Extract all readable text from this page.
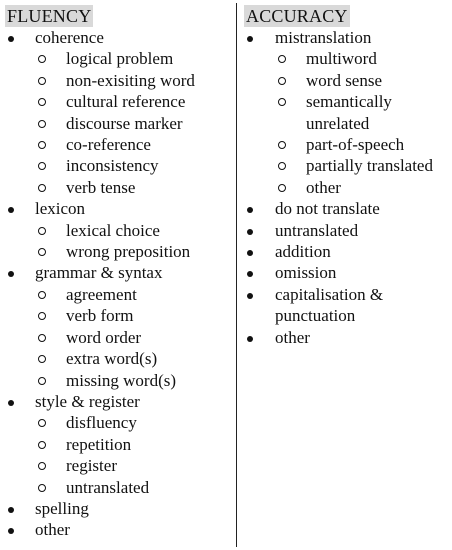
FLUENCY
coherence
logical problem
non-exisiting word
cultural reference
discourse marker
co-reference
inconsistency
verb tense
lexicon
lexical choice
wrong preposition
grammar & syntax
agreement
verb form
word order
extra word(s)
missing word(s)
style & register
disfluency
repetition
register
untranslated
spelling
other
ACCURACY
mistranslation
multiword
word sense
semantically unrelated
part-of-speech
partially translated
other
do not translate
untranslated
addition
omission
capitalisation & punctuation
other
